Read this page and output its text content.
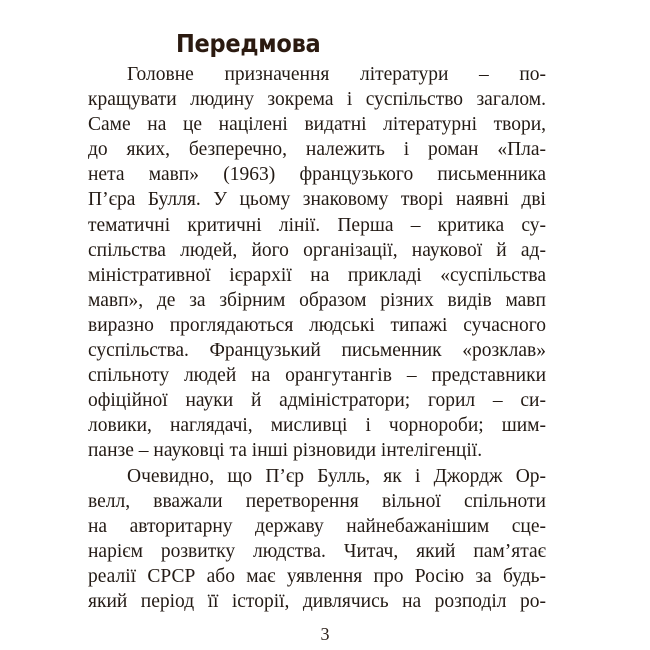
Передмова
Головне призначення літератури – по-
кращувати людину зокрема і суспільство загалом.
Саме на це націлені видатні літературні твори,
до яких, безперечно, належить і роман «Пла-
нета мавп» (1963) французького письменника
П’єра Булля. У цьому знаковому творі наявні дві
тематичні критичні лінії. Перша – критика су-
спільства людей, його організації, наукової й ад-
міністративної ієрархії на прикладі «суспільства
мавп», де за збірним образом різних видів мавп
виразно проглядаються людські типажі сучасного
суспільства. Французький письменник «розклав»
спільноту людей на орангутангів – представники
офіційної науки й адміністратори; горил – си-
ловики, наглядачі, мисливці і чорнороби; шим-
панзе – науковці та інші різновиди інтелігенції.
Очевидно, що П’єр Булль, як і Джордж Ор-
велл, вважали перетворення вільної спільноти
на авторитарну державу найнебажанішим сце-
нарієм розвитку людства. Читач, який пам’ятає
реалії СРСР або має уявлення про Росію за будь-
який період її історії, дивлячись на розподіл ро-
3
